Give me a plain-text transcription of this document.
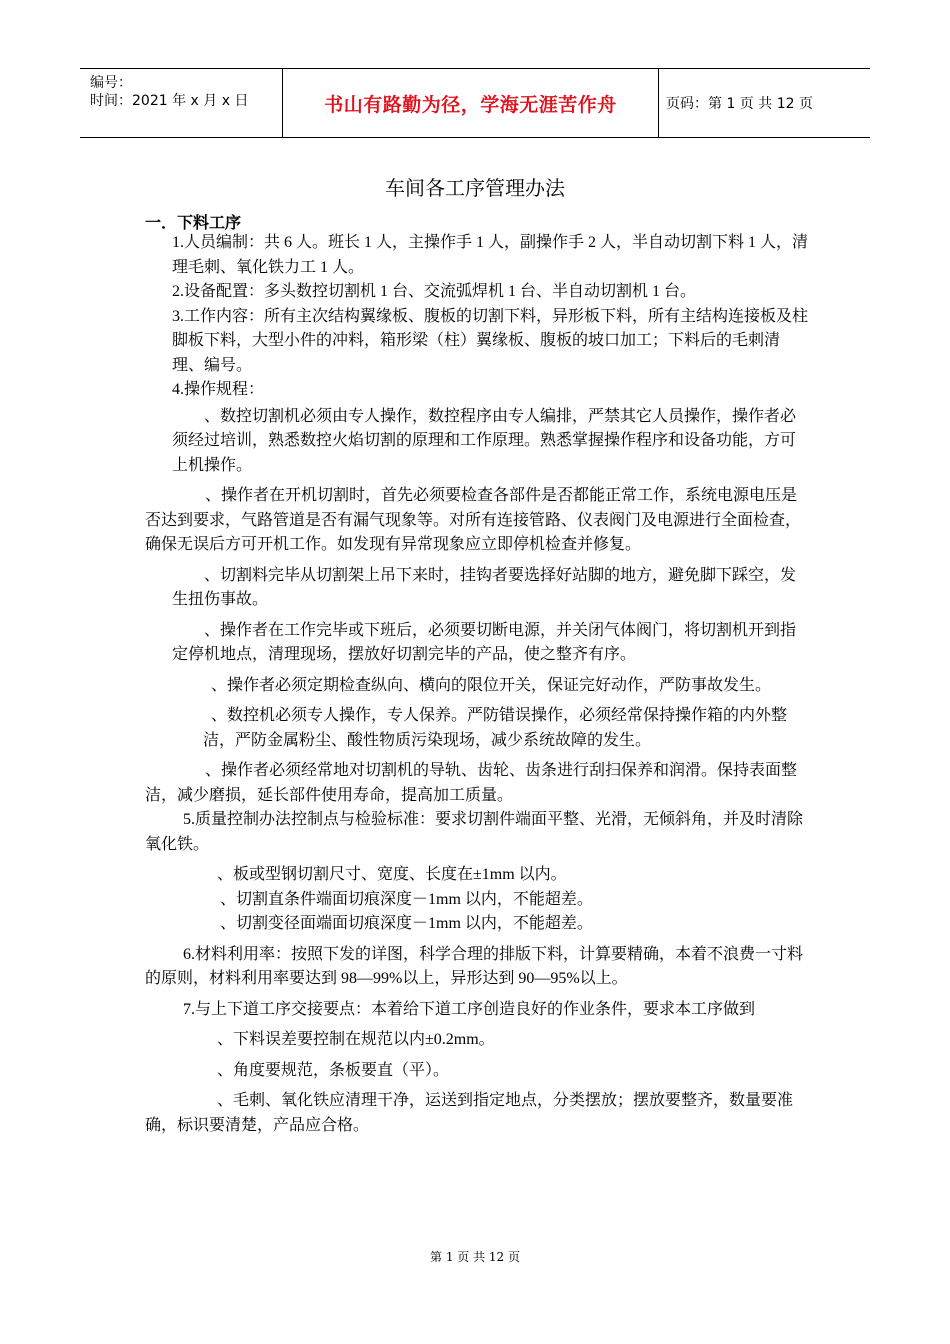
编号：
时间：2021 年 x 月 x 日	书山有路勤为径，学海无涯苦作舟	页码：第 1 页 共 12 页
车间各工序管理办法
一．下料工序

1.人员编制：共 6 人。班长 1 人，主操作手 1 人，副操作手 2 人，半自动切割下料 1 人，清理毛刺、氧化铁力工 1 人。

2.设备配置：多头数控切割机 1 台、交流弧焊机 1 台、半自动切割机 1 台。

3.工作内容：所有主次结构翼缘板、腹板的切割下料，异形板下料，所有主结构连接板及柱脚板下料，大型小件的冲料，箱形梁（柱）翼缘板、腹板的坡口加工；下料后的毛刺清理、编号。

4.操作规程：

、数控切割机必须由专人操作，数控程序由专人编排，严禁其它人员操作，操作者必须经过培训，熟悉数控火焰切割的原理和工作原理。熟悉掌握操作程序和设备功能，方可上机操作。

、操作者在开机切割时，首先必须要检查各部件是否都能正常工作，系统电源电压是否达到要求，气路管道是否有漏气现象等。对所有连接管路、仪表阀门及电源进行全面检查，确保无误后方可开机工作。如发现有异常现象应立即停机检查并修复。

、切割料完毕从切割架上吊下来时，挂钩者要选择好站脚的地方，避免脚下踩空，发生扭伤事故。

、操作者在工作完毕或下班后，必须要切断电源，并关闭气体阀门，将切割机开到指定停机地点，清理现场，摆放好切割完毕的产品，使之整齐有序。

、操作者必须定期检查纵向、横向的限位开关，保证完好动作，严防事故发生。

、数控机必须专人操作，专人保养。严防错误操作，必须经常保持操作箱的内外整洁，严防金属粉尘、酸性物质污染现场，减少系统故障的发生。

、操作者必须经常地对切割机的导轨、齿轮、齿条进行刮扫保养和润滑。保持表面整洁，减少磨损，延长部件使用寿命，提高加工质量。

5.质量控制办法控制点与检验标准：要求切割件端面平整、光滑，无倾斜角，并及时清除氧化铁。

、板或型钢切割尺寸、宽度、长度在±1mm 以内。

、切割直条件端面切痕深度－1mm 以内，不能超差。

、切割变径面端面切痕深度－1mm 以内，不能超差。

6.材料利用率：按照下发的详图，科学合理的排版下料，计算要精确，本着不浪费一寸料的原则，材料利用率要达到 98—99%以上，异形达到 90—95%以上。

7.与上下道工序交接要点：本着给下道工序创造良好的作业条件，要求本工序做到

、下料误差要控制在规范以内±0.2mm。

、角度要规范，条板要直（平）。

、毛刺、氧化铁应清理干净，运送到指定地点，分类摆放；摆放要整齐，数量要准确，标识要清楚，产品应合格。

第 1 页 共 12 页
